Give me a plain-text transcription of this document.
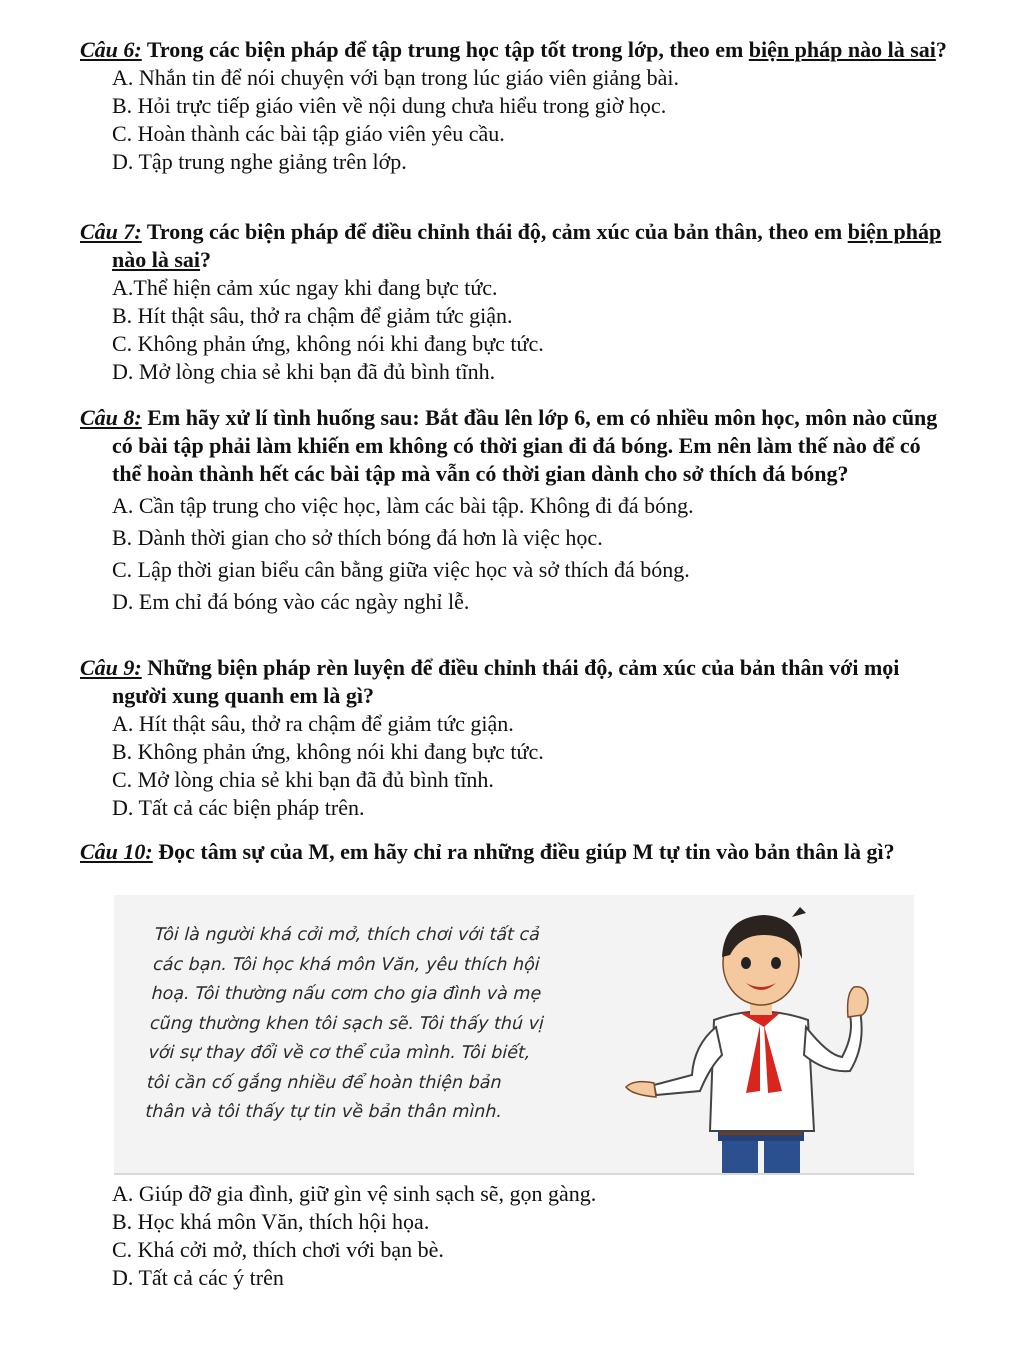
Câu 6: Trong các biện pháp để tập trung học tập tốt trong lớp, theo em biện pháp nào là sai?
A. Nhắn tin để nói chuyện với bạn trong lúc giáo viên giảng bài.
B. Hỏi trực tiếp giáo viên về nội dung chưa hiểu trong giờ học.
C. Hoàn thành các bài tập giáo viên yêu cầu.
D. Tập trung nghe giảng trên lớp.
Câu 7: Trong các biện pháp để điều chỉnh thái độ, cảm xúc của bản thân, theo em biện pháp nào là sai?
A.Thể hiện cảm xúc ngay khi đang bực tức.
B. Hít thật sâu, thở ra chậm để giảm tức giận.
C. Không phản ứng, không nói khi đang bực tức.
D. Mở lòng chia sẻ khi bạn đã đủ bình tĩnh.
Câu 8: Em hãy xử lí tình huống sau: Bắt đầu lên lớp 6, em có nhiều môn học, môn nào cũng có bài tập phải làm khiến em không có thời gian đi đá bóng. Em nên làm thế nào để có thể hoàn thành hết các bài tập mà vẫn có thời gian dành cho sở thích đá bóng?
A. Cần tập trung cho việc học, làm các bài tập. Không đi đá bóng.
B. Dành thời gian cho sở thích bóng đá hơn là việc học.
C. Lập thời gian biểu cân bằng giữa việc học và sở thích đá bóng.
D. Em chỉ đá bóng vào các ngày nghỉ lễ.
Câu 9: Những biện pháp rèn luyện để điều chỉnh thái độ, cảm xúc của bản thân với mọi người xung quanh em là gì?
A. Hít thật sâu, thở ra chậm để giảm tức giận.
B. Không phản ứng, không nói khi đang bực tức.
C. Mở lòng chia sẻ khi bạn đã đủ bình tĩnh.
D. Tất cả các biện pháp trên.
Câu 10: Đọc tâm sự của M, em hãy chỉ ra những điều giúp M tự tin vào bản thân là gì?
Tôi là người khá cởi mở, thích chơi với tất cả các bạn. Tôi học khá môn Văn, yêu thích hội hoạ. Tôi thường nấu cơm cho gia đình và mẹ cũng thường khen tôi sạch sẽ. Tôi thấy thú vị với sự thay đổi về cơ thể của mình. Tôi biết, tôi cần cố gắng nhiều để hoàn thiện bản thân và tôi thấy tự tin về bản thân mình.
A. Giúp đỡ gia đình, giữ gìn vệ sinh sạch sẽ, gọn gàng.
B. Học khá môn Văn, thích hội họa.
C. Khá cởi mở, thích chơi với bạn bè.
D. Tất cả các ý trên
